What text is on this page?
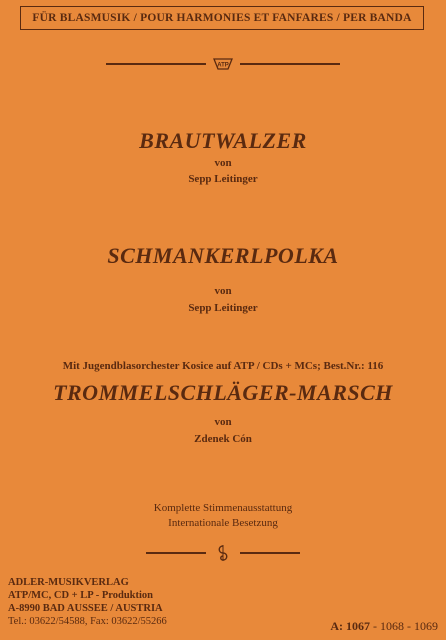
FÜR BLASMUSIK / POUR HARMONIES ET FANFARES / PER BANDA
ATP
BRAUTWALZER
von
Sepp Leitinger
SCHMANKERLPOLKA
von
Sepp Leitinger
Mit Jugendblasorchester Kosice auf ATP / CDs + MCs; Best.Nr.: 116
TROMMELSCHLÄGER-MARSCH
von
Zdenek Cón
Komplette Stimmenausstattung
Internationale Besetzung
ADLER-MUSIKVERLAG
ATP/MC, CD + LP - Produktion
A-8990 BAD AUSSEE / AUSTRIA
Tel.: 03622/54588, Fax: 03622/55266	A: 1067 - 1068 - 1069
